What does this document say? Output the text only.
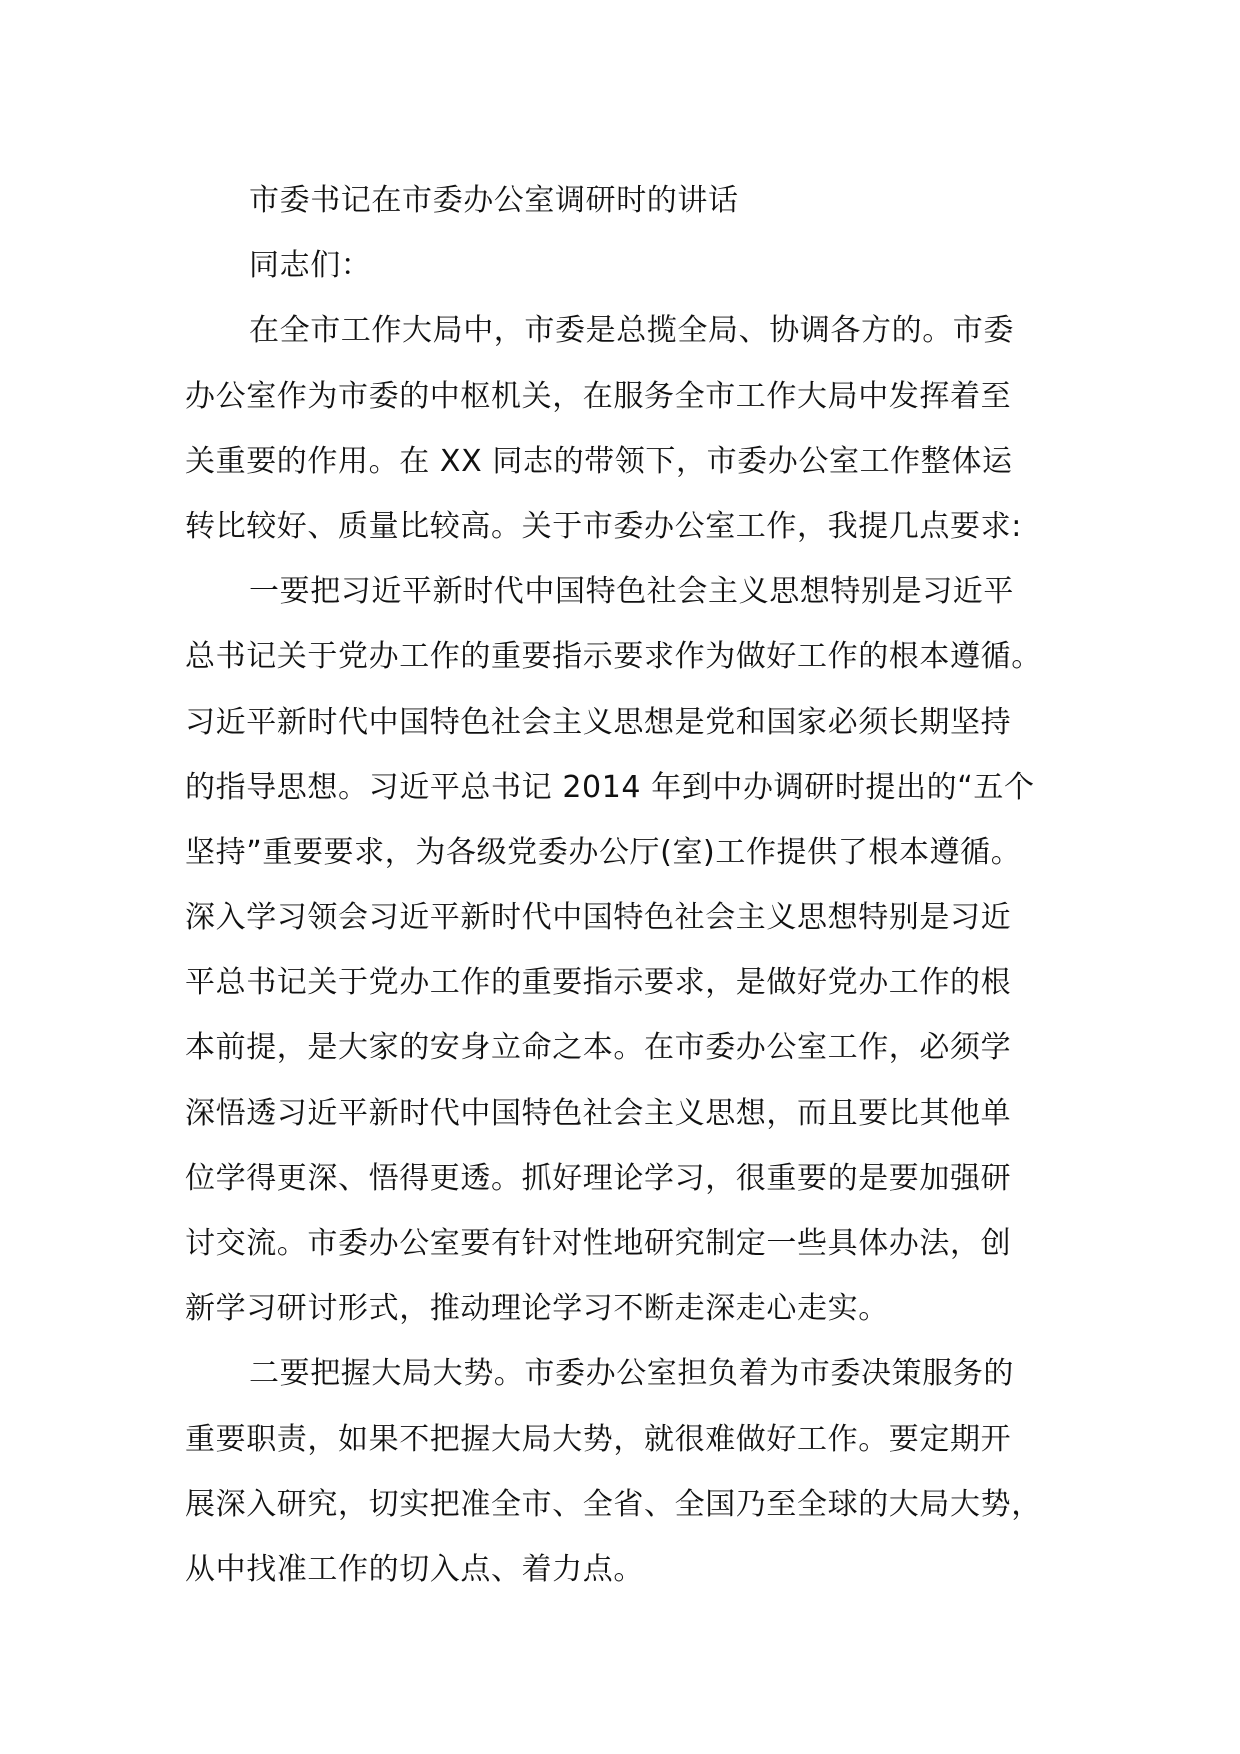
市委书记在市委办公室调研时的讲话
同志们：
在全市工作大局中，市委是总揽全局、协调各方的。市委
办公室作为市委的中枢机关，在服务全市工作大局中发挥着至
关重要的作用。在 XX 同志的带领下，市委办公室工作整体运
转比较好、质量比较高。关于市委办公室工作，我提几点要求:
一要把习近平新时代中国特色社会主义思想特别是习近平
总书记关于党办工作的重要指示要求作为做好工作的根本遵循。
习近平新时代中国特色社会主义思想是党和国家必须长期坚持
的指导思想。习近平总书记 2014 年到中办调研时提出的“五个
坚持”重要要求，为各级党委办公厅(室)工作提供了根本遵循。
深入学习领会习近平新时代中国特色社会主义思想特别是习近
平总书记关于党办工作的重要指示要求，是做好党办工作的根
本前提，是大家的安身立命之本。在市委办公室工作，必须学
深悟透习近平新时代中国特色社会主义思想，而且要比其他单
位学得更深、悟得更透。抓好理论学习，很重要的是要加强研
讨交流。市委办公室要有针对性地研究制定一些具体办法，创
新学习研讨形式，推动理论学习不断走深走心走实。
二要把握大局大势。市委办公室担负着为市委决策服务的
重要职责，如果不把握大局大势，就很难做好工作。要定期开
展深入研究，切实把准全市、全省、全国乃至全球的大局大势，
从中找准工作的切入点、着力点。
